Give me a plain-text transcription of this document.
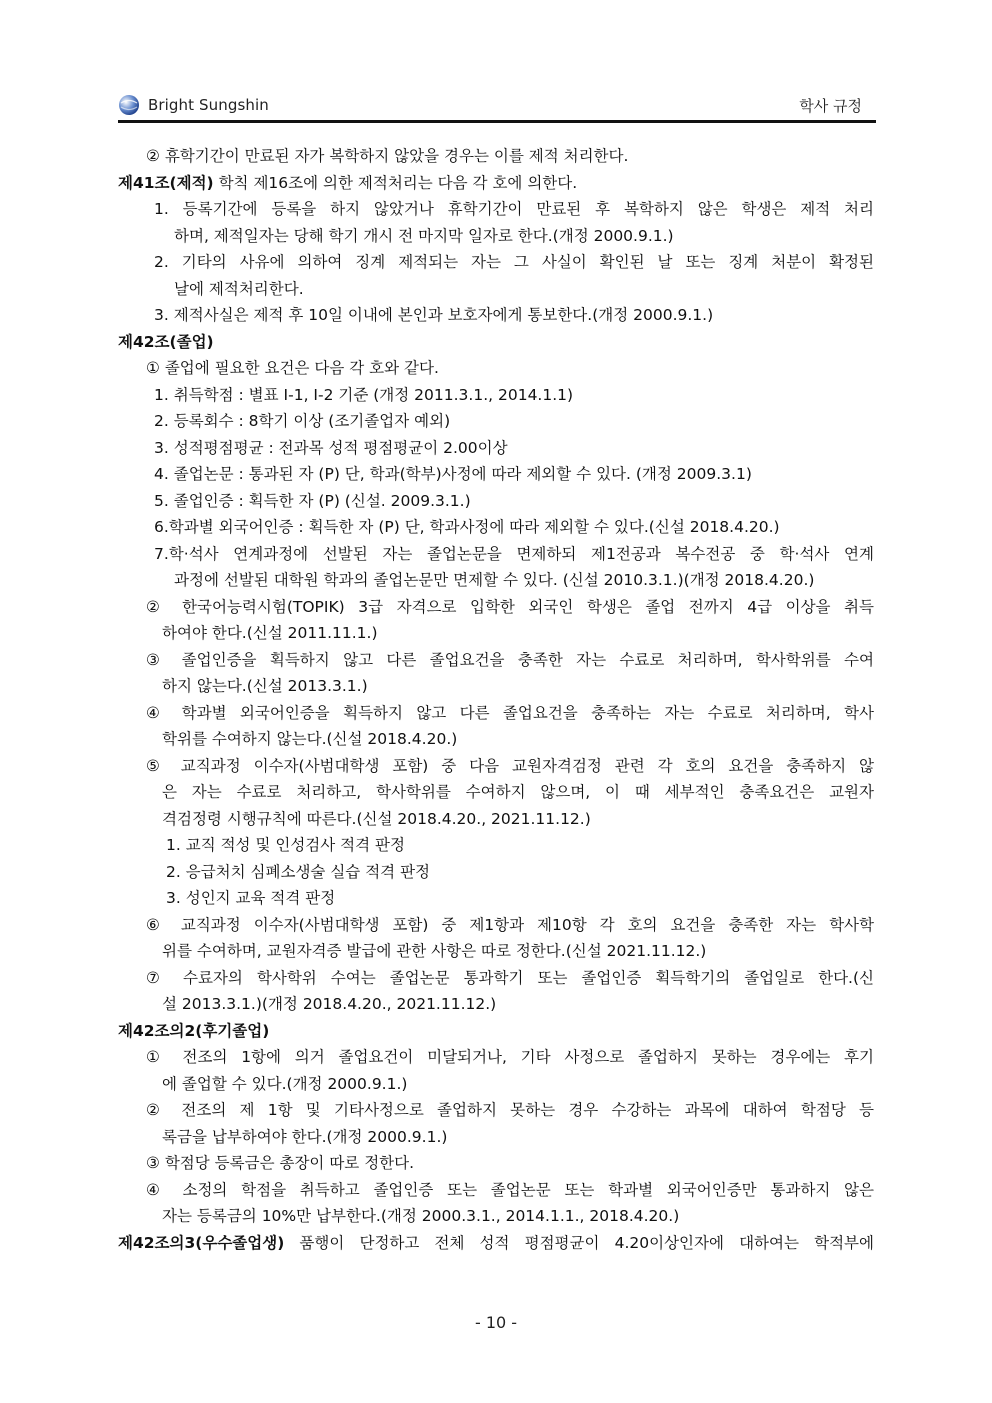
Bright Sungshin	학사 규정
② 휴학기간이 만료된 자가 복학하지 않았을 경우는 이를 제적 처리한다.
제41조(제적) 학칙 제16조에 의한 제적처리는 다음 각 호에 의한다.
1. 등록기간에 등록을 하지 않았거나 휴학기간이 만료된 후 복학하지 않은 학생은 제적 처리
하며, 제적일자는 당해 학기 개시 전 마지막 일자로 한다.(개정 2000.9.1.)
2. 기타의 사유에 의하여 징계 제적되는 자는 그 사실이 확인된 날 또는 징계 처분이 확정된
날에 제적처리한다.
3. 제적사실은 제적 후 10일 이내에 본인과 보호자에게 통보한다.(개정 2000.9.1.)
제42조(졸업)
① 졸업에 필요한 요건은 다음 각 호와 같다.
1. 취득학점 : 별표 Ⅰ-1, Ⅰ-2 기준 (개정 2011.3.1., 2014.1.1)
2. 등록회수 : 8학기 이상 (조기졸업자 예외)
3. 성적평점평균 : 전과목 성적 평점평균이 2.00이상
4. 졸업논문 : 통과된 자 (P) 단, 학과(학부)사정에 따라 제외할 수 있다. (개정 2009.3.1)
5. 졸업인증 : 획득한 자 (P) (신설. 2009.3.1.)
6.학과별 외국어인증 : 획득한 자 (P) 단, 학과사정에 따라 제외할 수 있다.(신설 2018.4.20.)
7.학·석사 연계과정에 선발된 자는 졸업논문을 면제하되 제1전공과 복수전공 중 학·석사 연계
과정에 선발된 대학원 학과의 졸업논문만 면제할 수 있다. (신설 2010.3.1.)(개정 2018.4.20.)
② 한국어능력시험(TOPIK) 3급 자격으로 입학한 외국인 학생은 졸업 전까지 4급 이상을 취득
하여야 한다.(신설 2011.11.1.)
③ 졸업인증을 획득하지 않고 다른 졸업요건을 충족한 자는 수료로 처리하며, 학사학위를 수여
하지 않는다.(신설 2013.3.1.)
④ 학과별 외국어인증을 획득하지 않고 다른 졸업요건을 충족하는 자는 수료로 처리하며, 학사
학위를 수여하지 않는다.(신설 2018.4.20.)
⑤ 교직과정 이수자(사범대학생 포함) 중 다음 교원자격검정 관련 각 호의 요건을 충족하지 않
은 자는 수료로 처리하고, 학사학위를 수여하지 않으며, 이 때 세부적인 충족요건은 교원자
격검정령 시행규칙에 따른다.(신설 2018.4.20., 2021.11.12.)
1. 교직 적성 및 인성검사 적격 판정
2. 응급처치 심폐소생술 실습 적격 판정
3. 성인지 교육 적격 판정
⑥ 교직과정 이수자(사범대학생 포함) 중 제1항과 제10항 각 호의 요건을 충족한 자는 학사학
위를 수여하며, 교원자격증 발급에 관한 사항은 따로 정한다.(신설 2021.11.12.)
⑦ 수료자의 학사학위 수여는 졸업논문 통과학기 또는 졸업인증 획득학기의 졸업일로 한다.(신
설 2013.3.1.)(개정 2018.4.20., 2021.11.12.)
제42조의2(후기졸업)
① 전조의 1항에 의거 졸업요건이 미달되거나, 기타 사정으로 졸업하지 못하는 경우에는 후기
에 졸업할 수 있다.(개정 2000.9.1.)
② 전조의 제 1항 및 기타사정으로 졸업하지 못하는 경우 수강하는 과목에 대하여 학점당 등
록금을 납부하여야 한다.(개정 2000.9.1.)
③ 학점당 등록금은 총장이 따로 정한다.
④ 소정의 학점을 취득하고 졸업인증 또는 졸업논문 또는 학과별 외국어인증만 통과하지 않은
자는 등록금의 10%만 납부한다.(개정 2000.3.1., 2014.1.1., 2018.4.20.)
제42조의3(우수졸업생) 품행이 단정하고 전체 성적 평점평균이 4.20이상인자에 대하여는 학적부에
- 10 -
